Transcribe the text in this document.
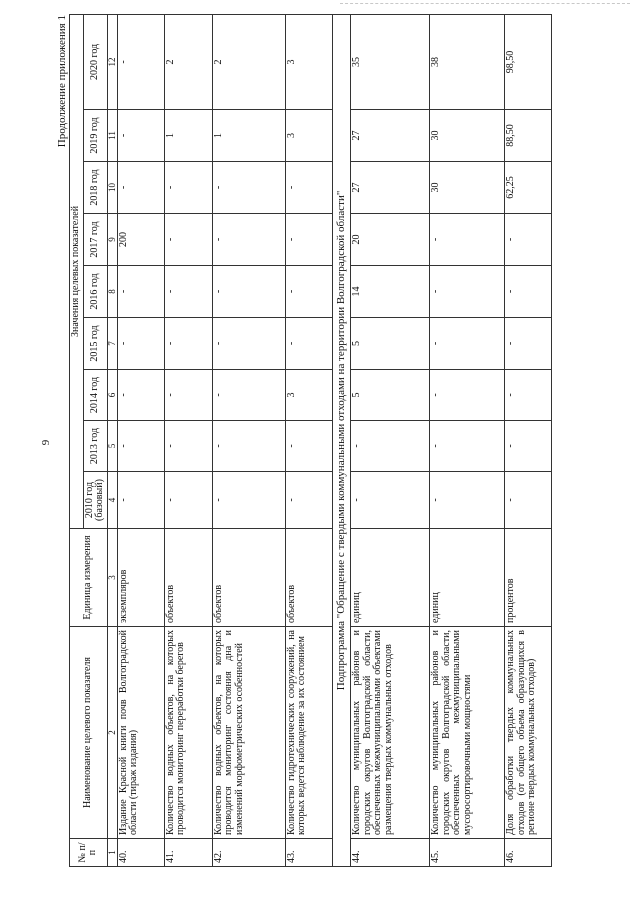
9
Продолжение приложения 1
№ п/п	Наименование целевого показателя	Единица измерения	Значения целевых показателей								
			2010 год (базовый)	2013 год	2014 год	2015 год	2016 год	2017 год	2018 год	2019 год	2020 год
1	2	3	4	5	6	7	8	9	10	11	12
40.	Издание Красной книги почв Волгоградской области (тираж издания)	экземпляров	-	-	-	-	-	200	-	-	-
41.	Количество водных объектов, на которых проводится мониторинг переработки берегов	объектов	-	-	-	-	-	-	-	1	2
42.	Количество водных объектов, на которых проводится мониторинг состояния дна и изменений морфометрических особенностей	объектов	-	-	-	-	-	-	-	1	2
43.	Количество гидротехнических сооружений, на которых ведется наблюдение за их состоянием	объектов	-	-	3	-	-	-	-	3	3
Подпрограмма "Обращение с твердыми коммунальными отходами на территории Волгоградской области"											
44.	Количество муниципальных районов и городских округов Волгоградской области, обеспеченных межмуниципальными объектами размещения твердых коммунальных отходов	единиц	-	-	5	5	14	20	27	27	35
45.	Количество муниципальных районов и городских округов Волгоградской области, обеспеченных межмуниципальными мусоросортировочными мощностями	единиц	-	-	-	-	-	-	30	30	38
46.	Доля обработки твердых коммунальных отходов (от общего объема образующихся в регионе твердых коммунальных отходов)	процентов	-	-	-	-	-	-	62,25	88,50	98,50
